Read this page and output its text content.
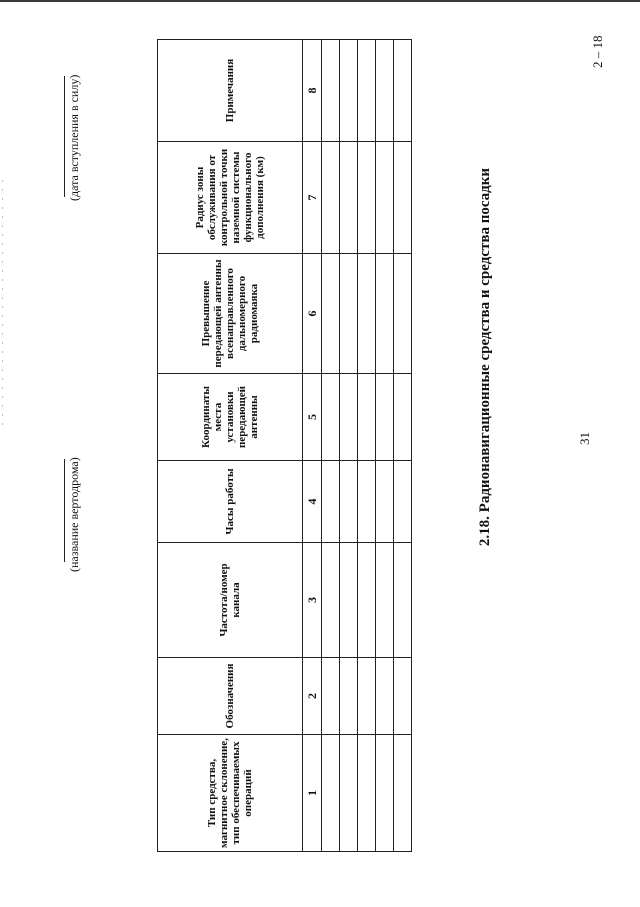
31
2 – 18
2.18. Радионавигационные средства и средства посадки
Тип средства, магнитное склонение, тип обеспечиваемых операций	Обозначения	Частота/номер канала	Часы работы	Координаты места установки передающей антенны	Превышение передающей антенны всенаправленного дальномерного радиомаяка	Радиус зоны обслуживания от контрольной точки наземной системы функционального дополнения (км)	Примечания
1	2	3	4	5	6	7	8

(название вертодрома)
(дата вступления в силу)
